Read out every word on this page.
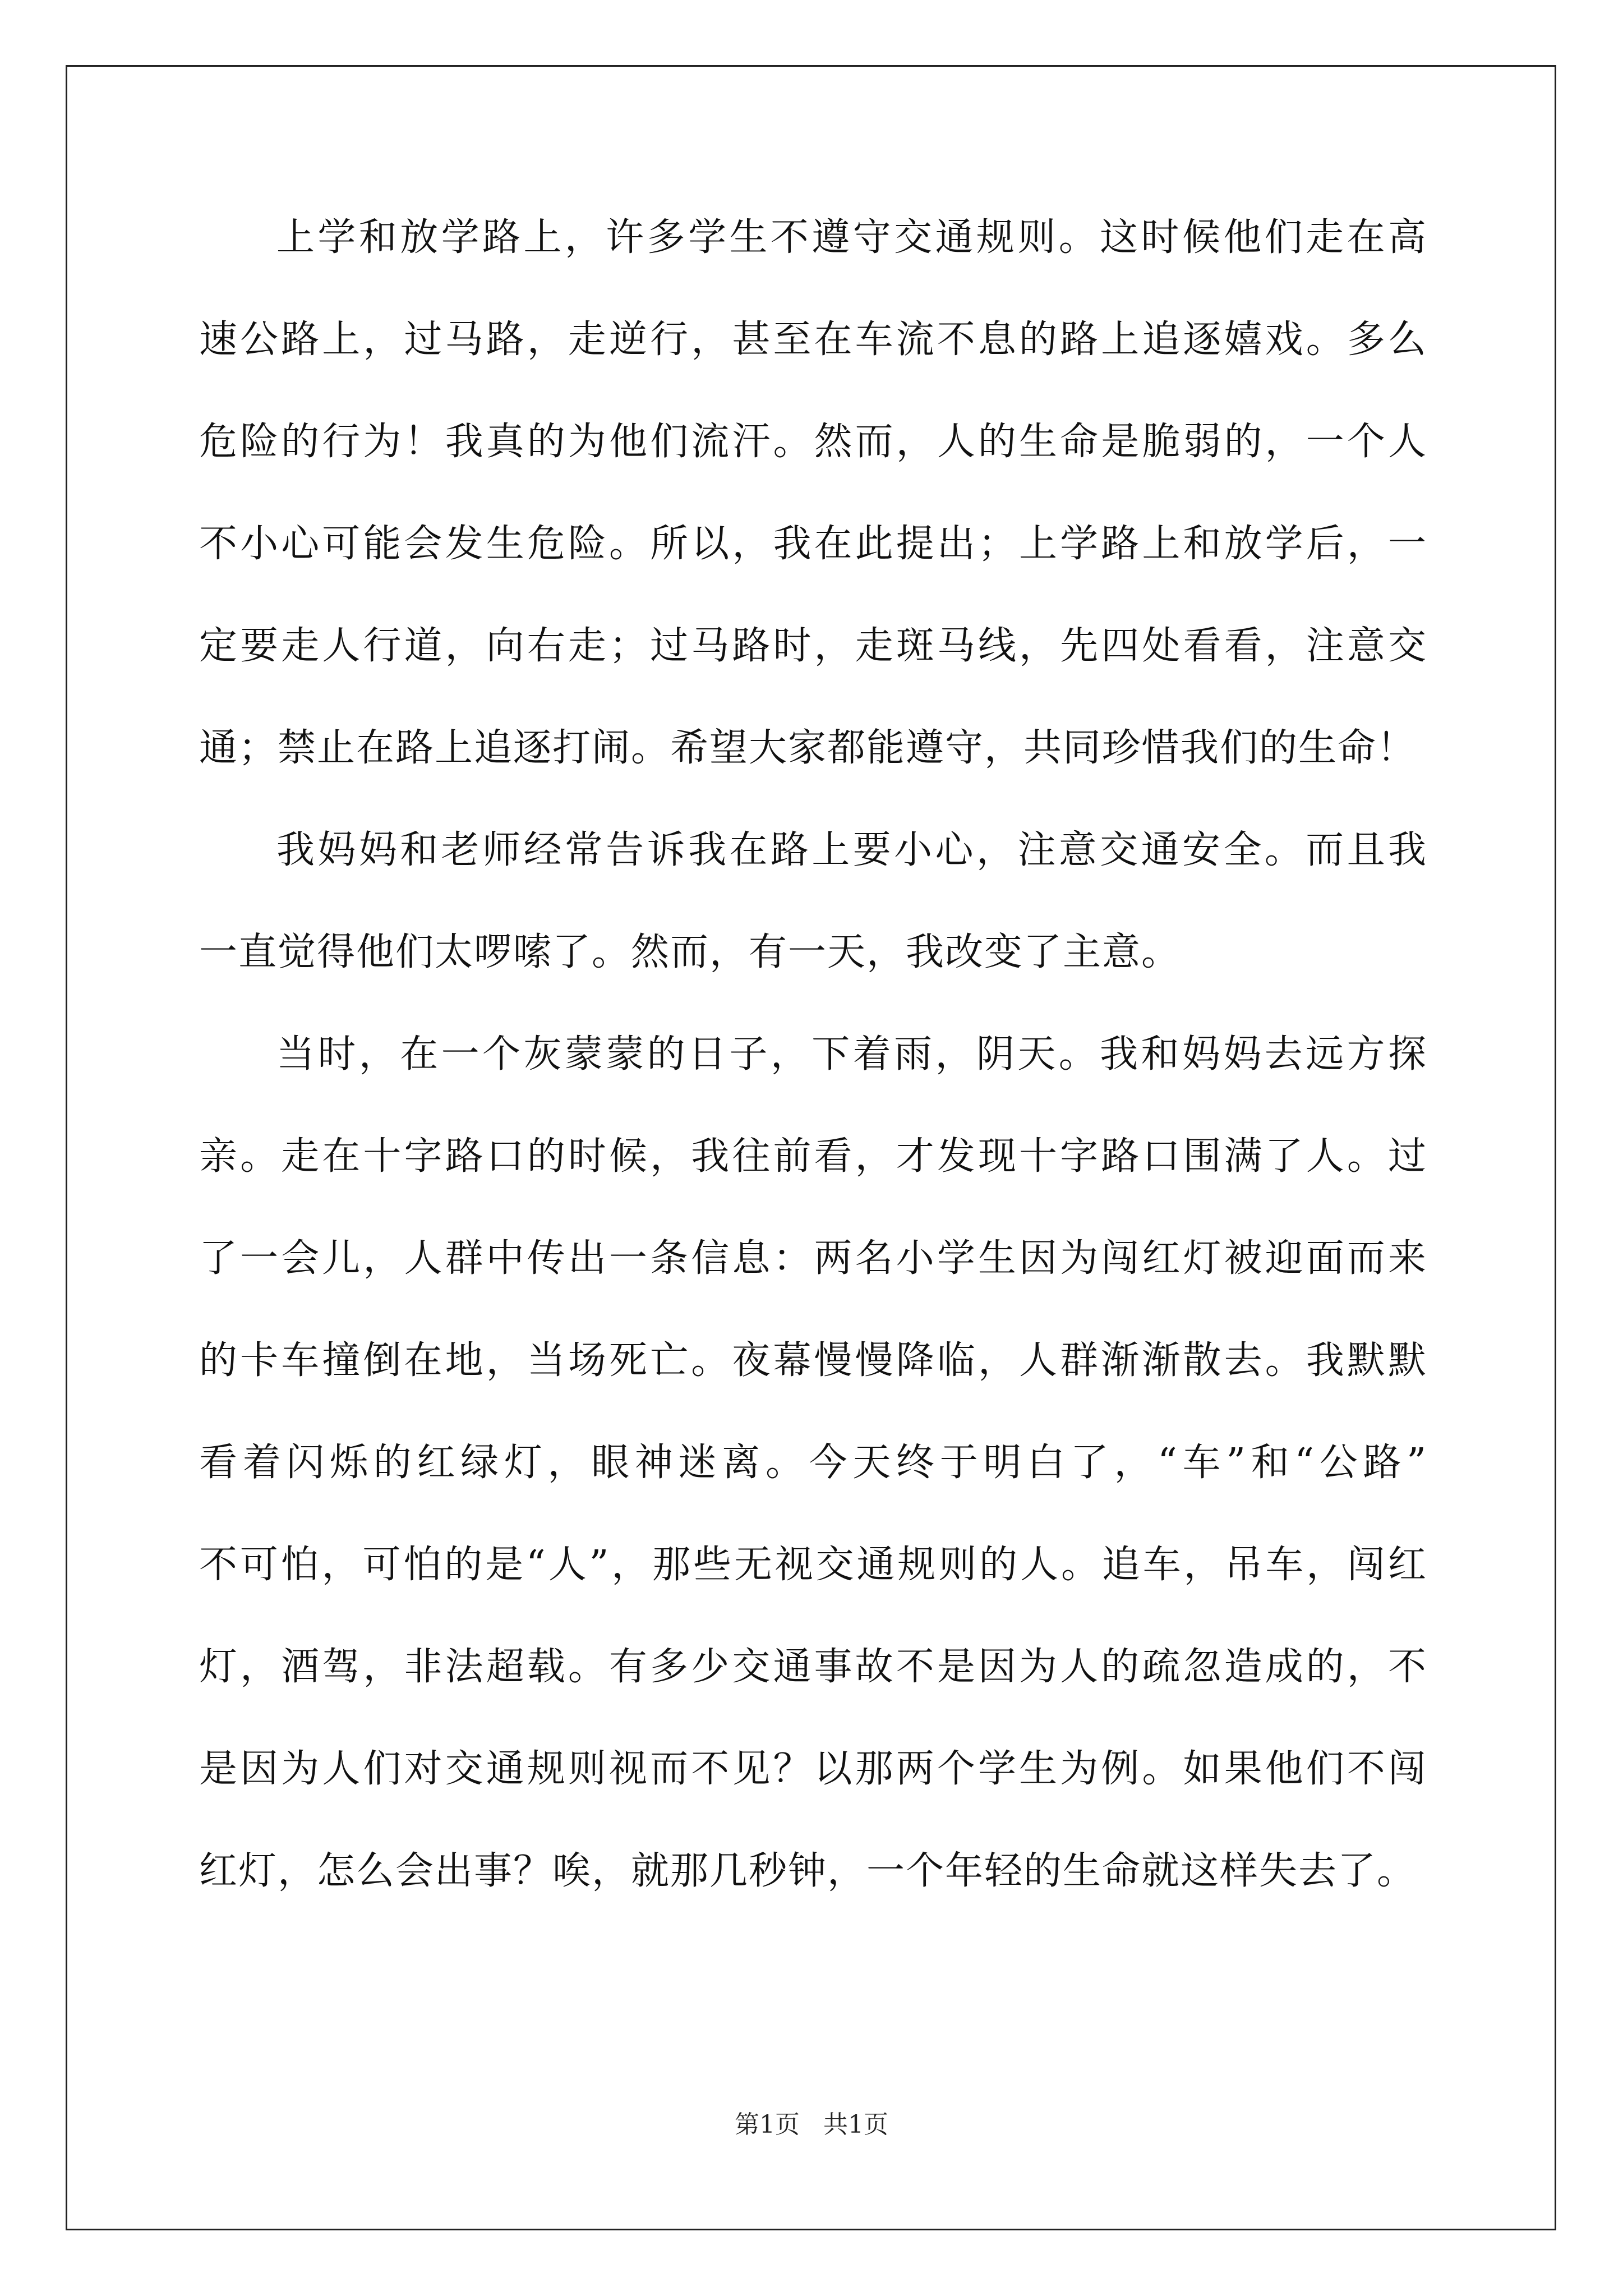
上学和放学路上，许多学生不遵守交通规则。这时候他们走在高
速公路上，过马路，走逆行，甚至在车流不息的路上追逐嬉戏。多么
危险的行为！我真的为他们流汗。然而，人的生命是脆弱的，一个人
不小心可能会发生危险。所以，我在此提出；上学路上和放学后，一
定要走人行道，向右走；过马路时，走斑马线，先四处看看，注意交
通；禁止在路上追逐打闹。希望大家都能遵守，共同珍惜我们的生命！
我妈妈和老师经常告诉我在路上要小心，注意交通安全。而且我
一直觉得他们太啰嗦了。然而，有一天，我改变了主意。
当时，在一个灰蒙蒙的日子，下着雨，阴天。我和妈妈去远方探
亲。走在十字路口的时候，我往前看，才发现十字路口围满了人。过
了一会儿，人群中传出一条信息：两名小学生因为闯红灯被迎面而来
的卡车撞倒在地，当场死亡。夜幕慢慢降临，人群渐渐散去。我默默
看着闪烁的红绿灯，眼神迷离。今天终于明白了，“车”和“公路”
不可怕，可怕的是“人”，那些无视交通规则的人。追车，吊车，闯红
灯，酒驾，非法超载。有多少交通事故不是因为人的疏忽造成的，不
是因为人们对交通规则视而不见？以那两个学生为例。如果他们不闯
红灯，怎么会出事？唉，就那几秒钟，一个年轻的生命就这样失去了。
第1页 共1页
